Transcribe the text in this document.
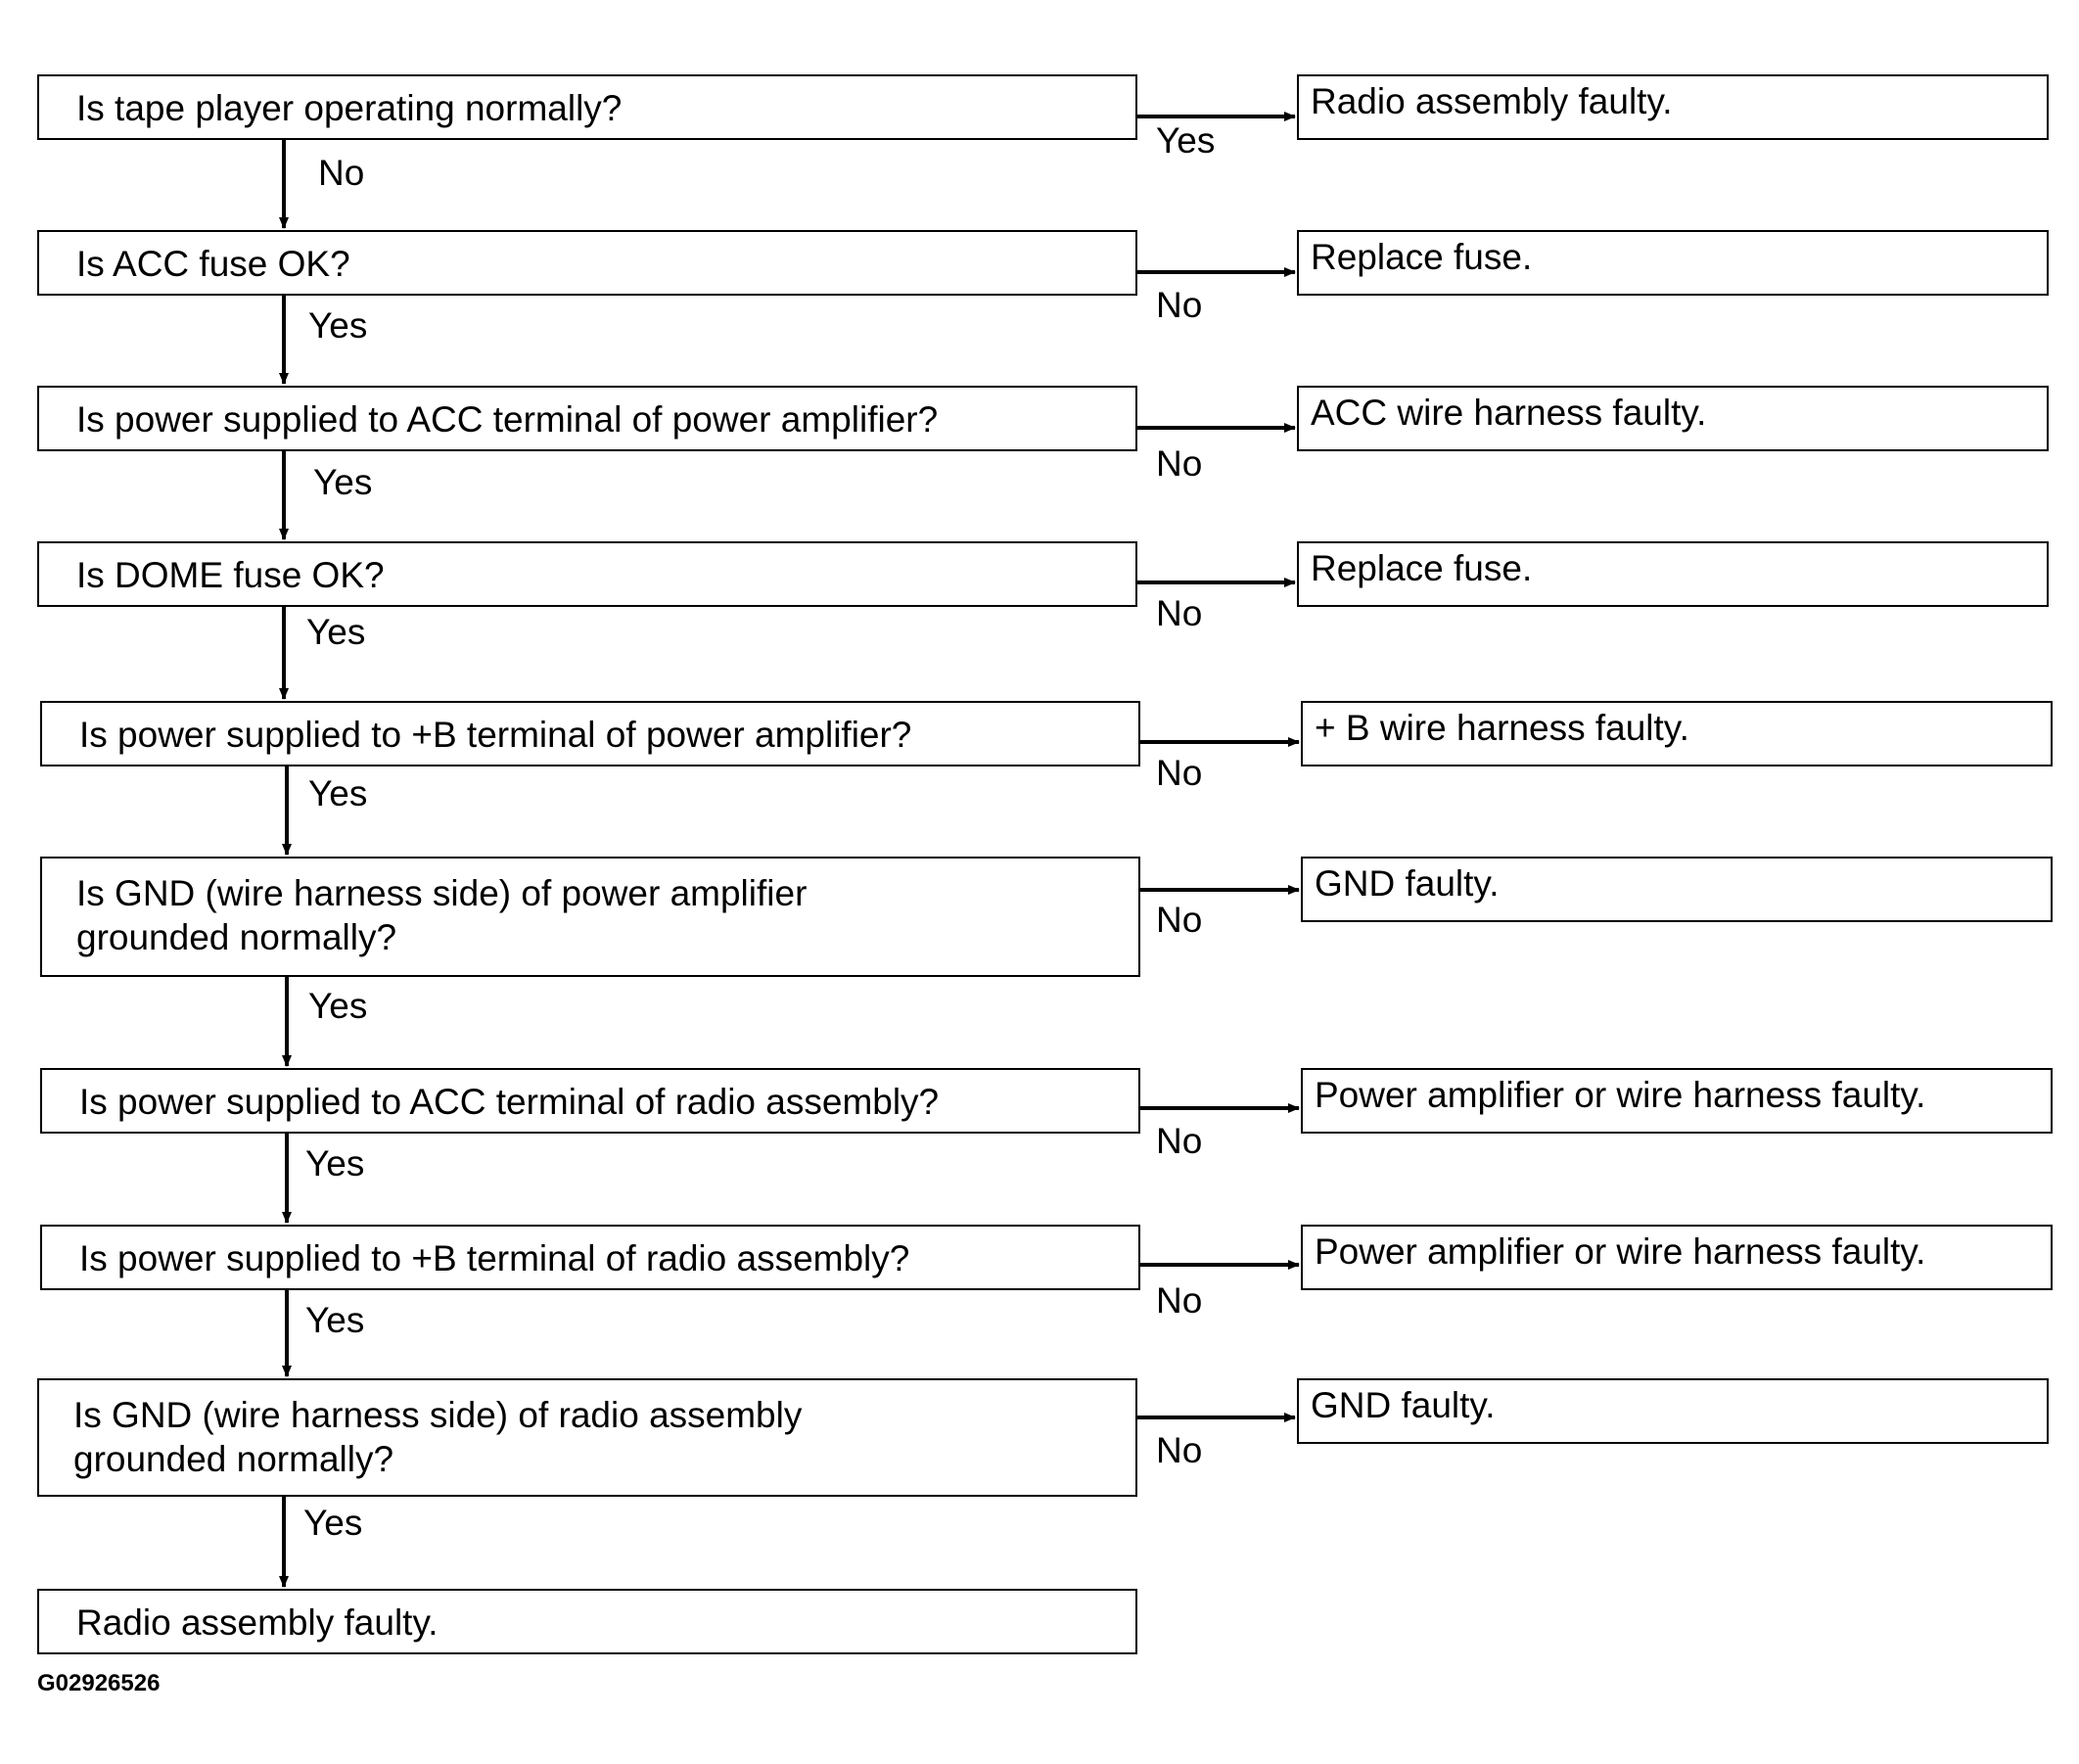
Is tape player operating normally?
Is ACC fuse OK?
Is power supplied to ACC terminal of power amplifier?
Is DOME fuse OK?
Is power supplied to +B terminal of power amplifier?
Is GND (wire harness side) of power amplifier
grounded normally?
Is power supplied to ACC terminal of radio assembly?
Is power supplied to +B terminal of radio assembly?
Is GND (wire harness side) of radio assembly
grounded normally?
Radio assembly faulty.
Radio assembly faulty.
Replace fuse.
ACC wire harness faulty.
Replace fuse.
+ B wire harness faulty.
GND faulty.
Power amplifier or wire harness faulty.
Power amplifier or wire harness faulty.
GND faulty.
No
Yes
Yes
Yes
Yes
Yes
Yes
Yes
Yes
Yes
No
No
No
No
No
No
No
No
G02926526
